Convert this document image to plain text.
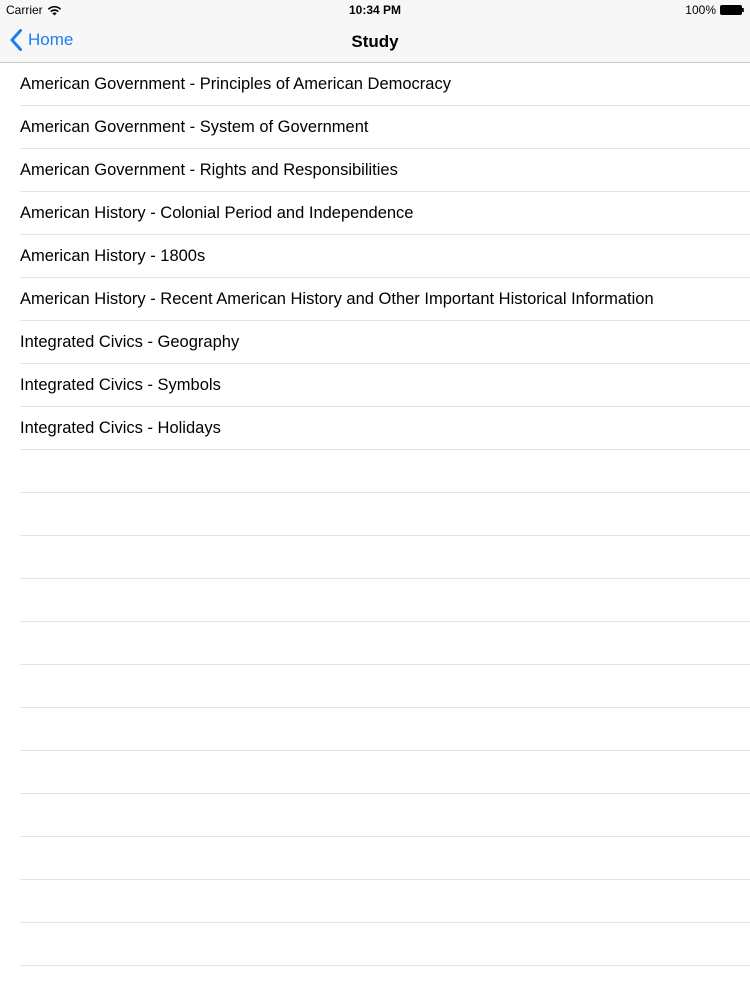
Carrier	10:34 PM	100%
Home	Study
American Government - Principles of American Democracy
American Government - System of Government
American Government - Rights and Responsibilities
American History - Colonial Period and Independence
American History - 1800s
American History - Recent American History and Other Important Historical Information
Integrated Civics - Geography
Integrated Civics - Symbols
Integrated Civics - Holidays
